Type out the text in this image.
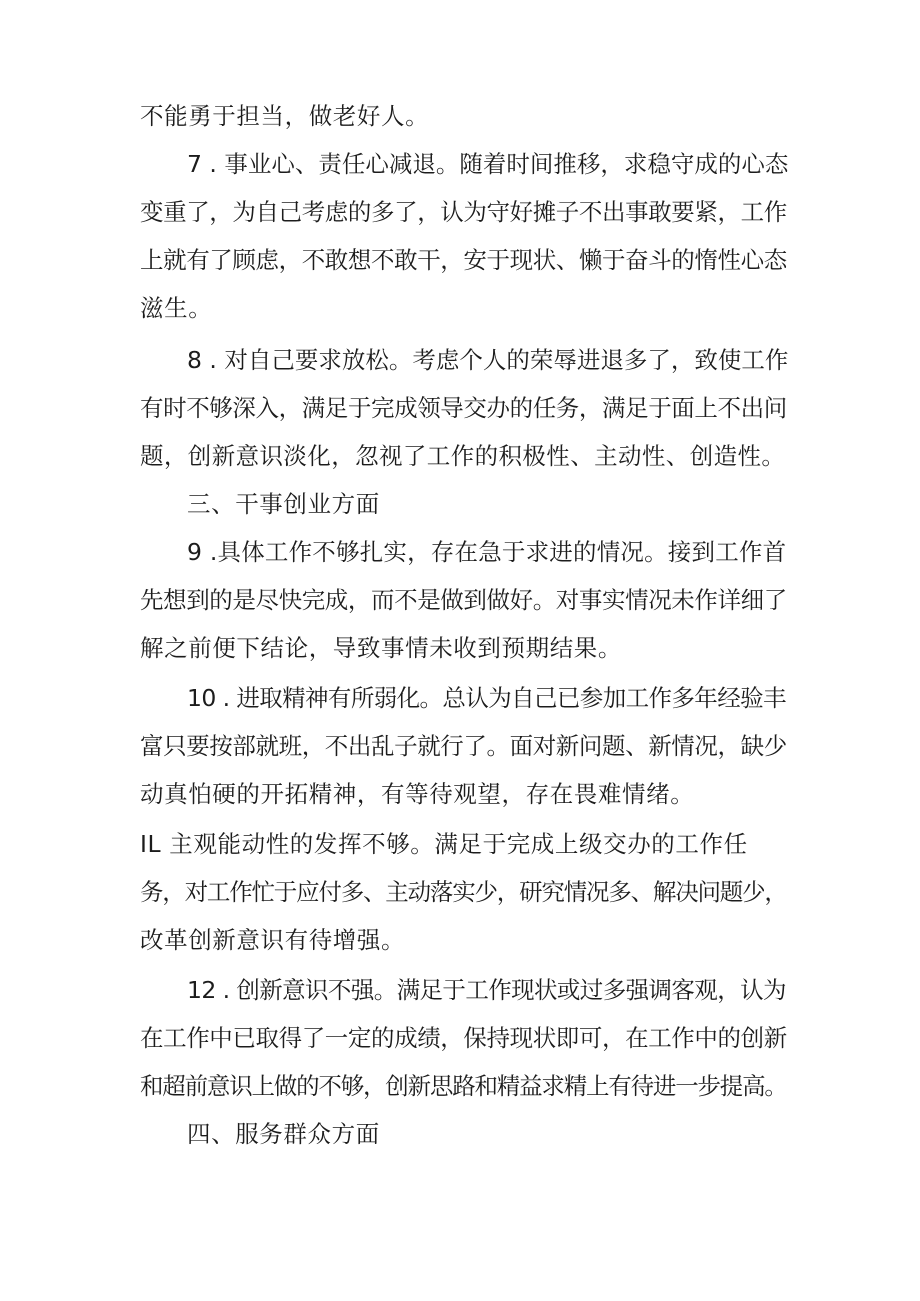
不能勇于担当，做老好人。
7 . 事业心、责任心减退。随着时间推移，求稳守成的心态
变重了，为自己考虑的多了，认为守好摊子不出事敢要紧，工作
上就有了顾虑，不敢想不敢干，安于现状、懒于奋斗的惰性心态
滋生。
8 . 对自己要求放松。考虑个人的荣辱进退多了，致使工作
有时不够深入，满足于完成领导交办的任务，满足于面上不出问
题，创新意识淡化，忽视了工作的积极性、主动性、创造性。
三、干事创业方面
9 .具体工作不够扎实，存在急于求进的情况。接到工作首
先想到的是尽快完成，而不是做到做好。对事实情况未作详细了
解之前便下结论，导致事情未收到预期结果。
10 . 进取精神有所弱化。总认为自己已参加工作多年经验丰
富只要按部就班，不出乱子就行了。面对新问题、新情况，缺少
动真怕硬的开拓精神，有等待观望，存在畏难情绪。
IL 主观能动性的发挥不够。满足于完成上级交办的工作任
务，对工作忙于应付多、主动落实少，研究情况多、解决问题少，
改革创新意识有待增强。
12 . 创新意识不强。满足于工作现状或过多强调客观，认为
在工作中已取得了一定的成绩，保持现状即可，在工作中的创新
和超前意识上做的不够，创新思路和精益求精上有待进一步提高。
四、服务群众方面
